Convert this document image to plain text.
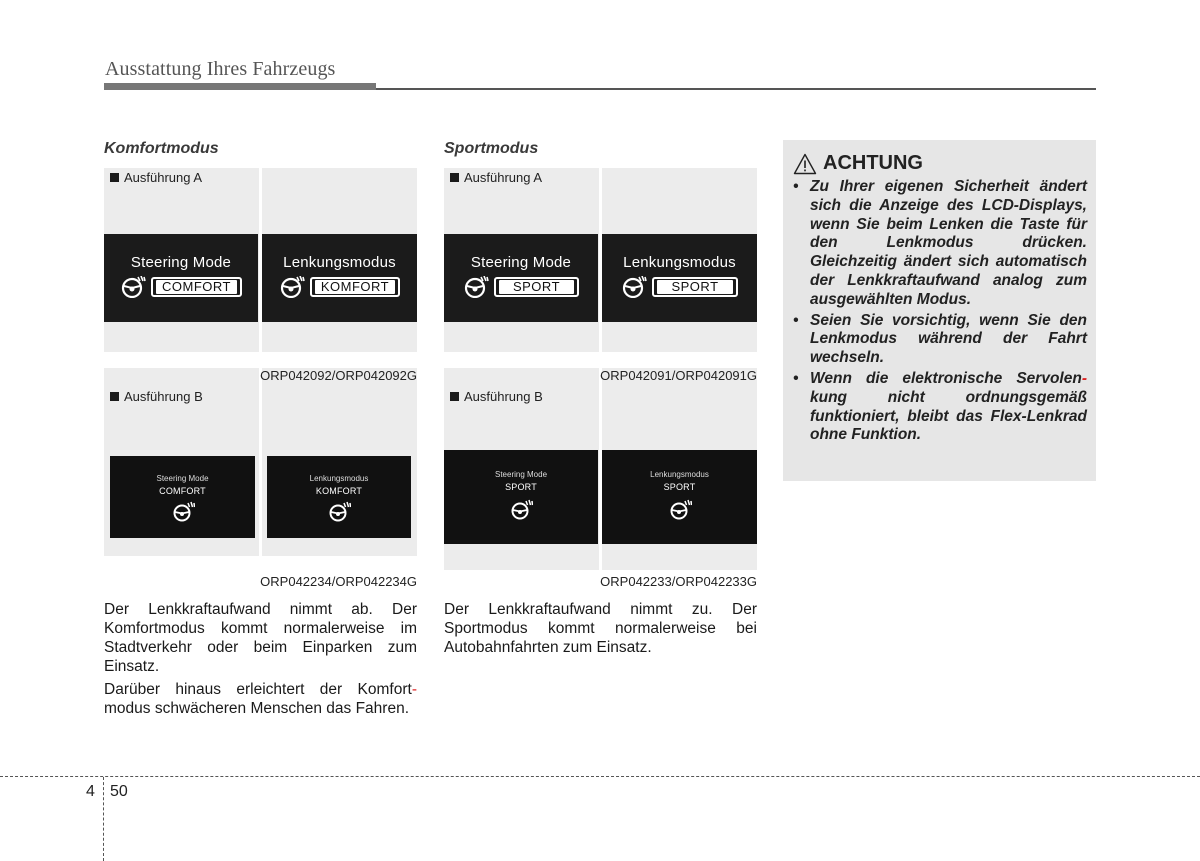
Ausstattung Ihres Fahrzeugs
Komfortmodus
Ausführung A
Steering Mode
COMFORT
Lenkungsmodus
KOMFORT
ORP042092/ORP042092G
Ausführung B
Steering Mode
COMFORT
Lenkungsmodus
KOMFORT
ORP042234/ORP042234G

Der Lenkkraftaufwand nimmt ab. Der Komfortmodus kommt normalerweise im Stadtverkehr oder beim Einparken zum Einsatz.

Darüber hinaus erleichtert der Komfort-modus schwächeren Menschen das Fahren.

Sportmodus
Ausführung A
Steering Mode
SPORT
Lenkungsmodus
SPORT
ORP042091/ORP042091G
Ausführung B
Steering Mode
SPORT
Lenkungsmodus
SPORT
ORP042233/ORP042233G

Der Lenkkraftaufwand nimmt zu. Der Sportmodus kommt normalerweise bei Autobahnfahrten zum Einsatz.

ACHTUNG
• Zu Ihrer eigenen Sicherheit ändert sich die Anzeige des LCD-Displays, wenn Sie beim Lenken die Taste für den Lenkmodus drücken. Gleichzeitig ändert sich automatisch der Lenkkraftaufwand analog zum ausgewählten Modus.
• Seien Sie vorsichtig, wenn Sie den Lenkmodus während der Fahrt wechseln.
• Wenn die elektronische Servolen- kung nicht ordnungsgemäß funktioniert, bleibt das Flex-Lenkrad ohne Funktion.
4 50
